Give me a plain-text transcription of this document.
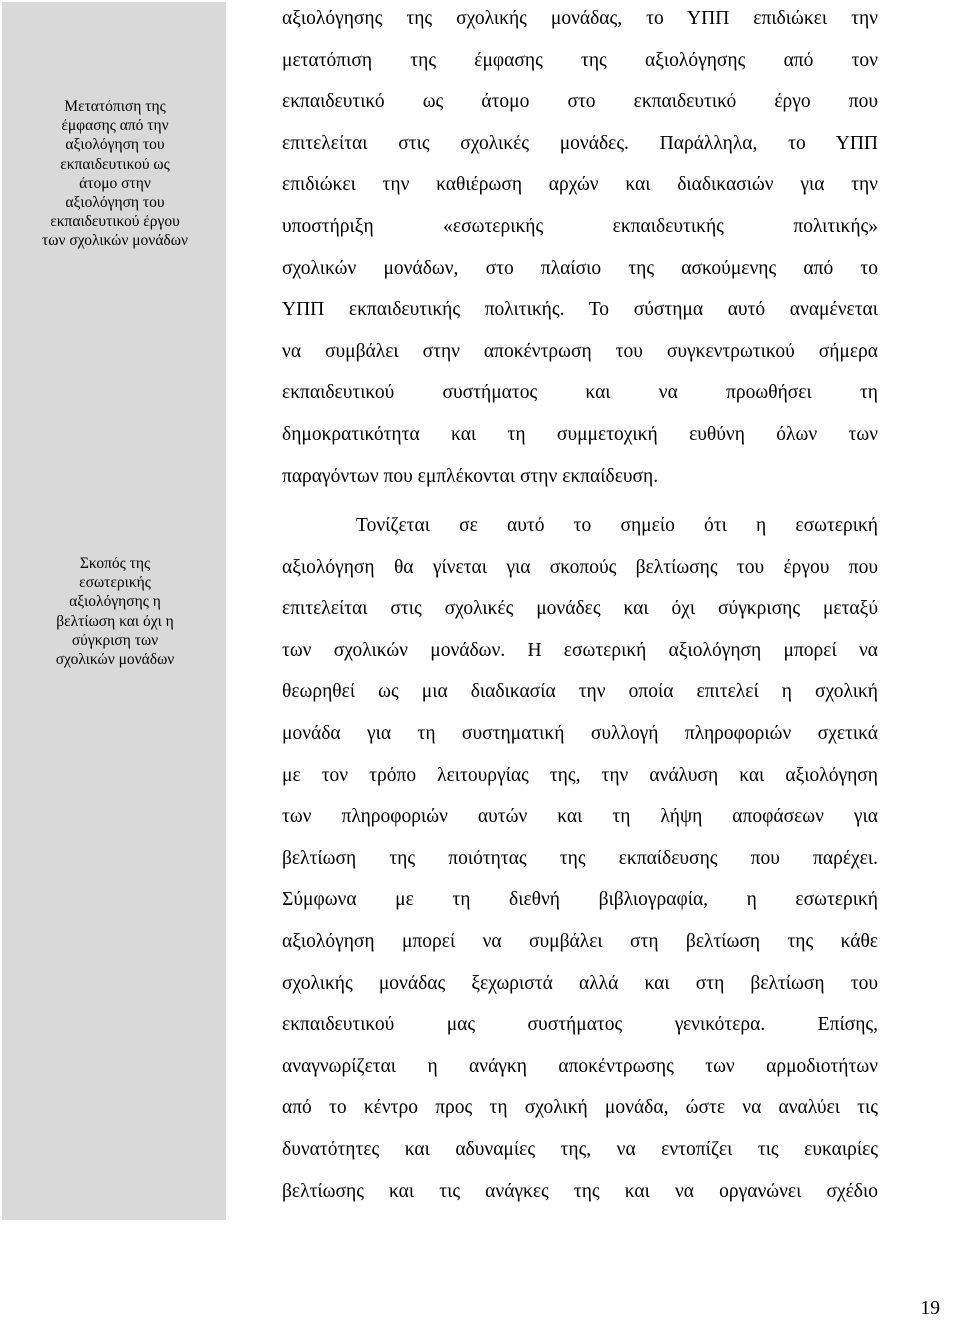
Μετατόπιση της

έμφασης από την

αξιολόγηση του

εκπαιδευτικού ως

άτομο στην

αξιολόγηση του

εκπαιδευτικού έργου

των σχολικών μονάδων

Σκοπός της

εσωτερικής

αξιολόγησης η

βελτίωση και όχι η

σύγκριση των

σχολικών μονάδων

αξιολόγησης της σχολικής μονάδας, το ΥΠΠ επιδιώκει την
μετατόπιση της έμφασης της αξιολόγησης από τον
εκπαιδευτικό ως άτομο στο εκπαιδευτικό έργο που
επιτελείται στις σχολικές μονάδες. Παράλληλα, το ΥΠΠ
επιδιώκει την καθιέρωση αρχών και διαδικασιών για την
υποστήριξη «εσωτερικής εκπαιδευτικής πολιτικής»
σχολικών μονάδων, στο πλαίσιο της ασκούμενης από το
ΥΠΠ εκπαιδευτικής πολιτικής. Το σύστημα αυτό αναμένεται
να συμβάλει στην αποκέντρωση του συγκεντρωτικού σήμερα
εκπαιδευτικού συστήματος και να προωθήσει τη
δημοκρατικότητα και τη συμμετοχική ευθύνη όλων των
παραγόντων που εμπλέκονται στην εκπαίδευση.
Τονίζεται σε αυτό το σημείο ότι η εσωτερική
αξιολόγηση θα γίνεται για σκοπούς βελτίωσης του έργου που
επιτελείται στις σχολικές μονάδες και όχι σύγκρισης μεταξύ
των σχολικών μονάδων. Η εσωτερική αξιολόγηση μπορεί να
θεωρηθεί ως μια διαδικασία την οποία επιτελεί η σχολική
μονάδα για τη συστηματική συλλογή πληροφοριών σχετικά
με τον τρόπο λειτουργίας της, την ανάλυση και αξιολόγηση
των πληροφοριών αυτών και τη λήψη αποφάσεων για
βελτίωση της ποιότητας της εκπαίδευσης που παρέχει.
Σύμφωνα με τη διεθνή βιβλιογραφία, η εσωτερική
αξιολόγηση μπορεί να συμβάλει στη βελτίωση της κάθε
σχολικής μονάδας ξεχωριστά αλλά και στη βελτίωση του
εκπαιδευτικού μας συστήματος γενικότερα. Επίσης,
αναγνωρίζεται η ανάγκη αποκέντρωσης των αρμοδιοτήτων
από το κέντρο προς τη σχολική μονάδα, ώστε να αναλύει τις
δυνατότητες και αδυναμίες της, να εντοπίζει τις ευκαιρίες
βελτίωσης και τις ανάγκες της και να οργανώνει σχέδιο
19
